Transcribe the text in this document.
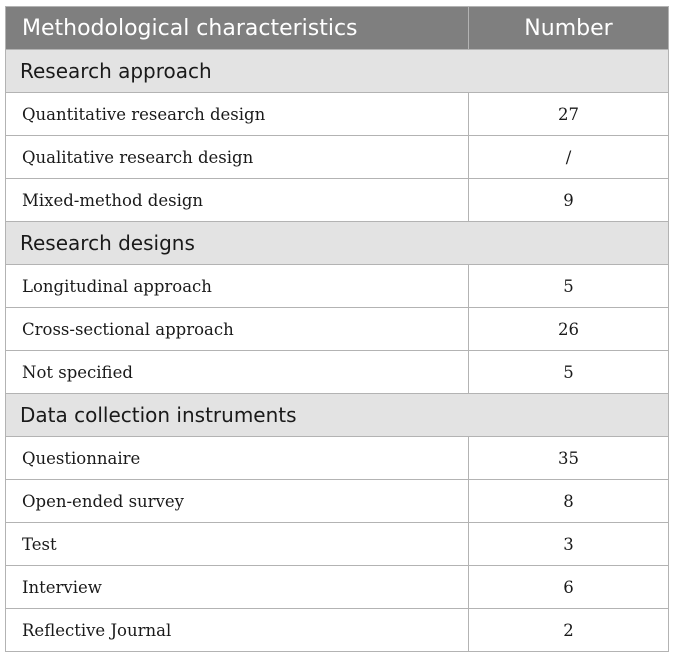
Methodological characteristics	Number
Research approach	
Quantitative research design	27
Qualitative research design	/
Mixed-method design	9
Research designs	
Longitudinal approach	5
Cross-sectional approach	26
Not specified	5
Data collection instruments	
Questionnaire	35
Open-ended survey	8
Test	3
Interview	6
Reflective Journal	2
